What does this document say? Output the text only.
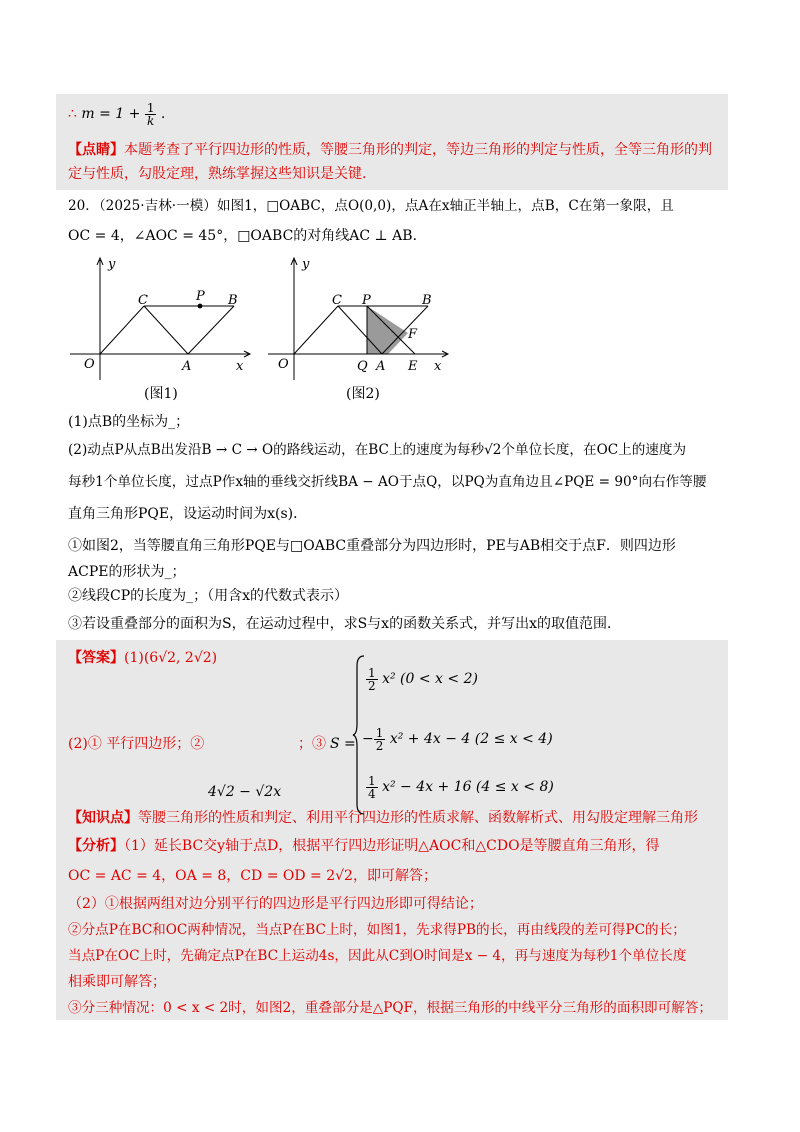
∴ $m = 1 + \frac{1}{k}$ .
【点睛】本题考查了平行四边形的性质，等腰三角形的判定，等边三角形的判定与性质，全等三角形的判
定与性质，勾股定理，熟练掌握这些知识是关键.
20．（2025·吉林·一模）如图1，□OABC，点O(0,0)，点A在x轴正半轴上，点B，C在第一象限，且
OC = 4，∠AOC = 45°，□OABC的对角线AC ⊥ AB．
y
x
O	A
B
C	P
(图1)
y
x
O	Q A E
F
B
C P
(图2)
(1)点B的坐标为_；
(2)动点P从点B出发沿B → C → O的路线运动，在BC上的速度为每秒√2个单位长度，在OC上的速度为
每秒1个单位长度，过点P作x轴的垂线交折线BA − AO于点Q，以PQ为直角边且∠PQE = 90°向右作等腰
直角三角形PQE，设运动时间为x(s)．
①如图2，当等腰直角三角形PQE与□OABC重叠部分为四边形时，PE与AB相交于点F．则四边形
ACPE的形状为_；
②线段CP的长度为_；（用含x的代数式表示）
③若设重叠部分的面积为S，在运动过程中，求S与x的函数关系式，并写出x的取值范围．
【答案】(1)(6√2, 2√2)
(2)① 平行四边形；②	；③
4√2 − √2x
S =
$\frac{1}{2} x^2$ (0 < x < 2)
− $\frac{1}{2} x^2 + 4x - 4$ (2 ≤ x < 4)
$\frac{1}{4} x^2 - 4x + 16$ (4 ≤ x < 8)
【知识点】等腰三角形的性质和判定、利用平行四边形的性质求解、函数解析式、用勾股定理解三角形
【分析】（1）延长BC交y轴于点D，根据平行四边形证明△AOC和△CDO是等腰直角三角形，得
OC = AC = 4，OA = 8，CD = OD = 2√2，即可解答；
（2）①根据两组对边分别平行的四边形是平行四边形即可得结论；
②分点P在BC和OC两种情况，当点P在BC上时，如图1，先求得PB的长，再由线段的差可得PC的长；
当点P在OC上时，先确定点P在BC上运动4s，因此从C到O时间是x − 4，再与速度为每秒1个单位长度
相乘即可解答；
③分三种情况：0 < x < 2时，如图2，重叠部分是△PQF，根据三角形的中线平分三角形的面积即可解答；
